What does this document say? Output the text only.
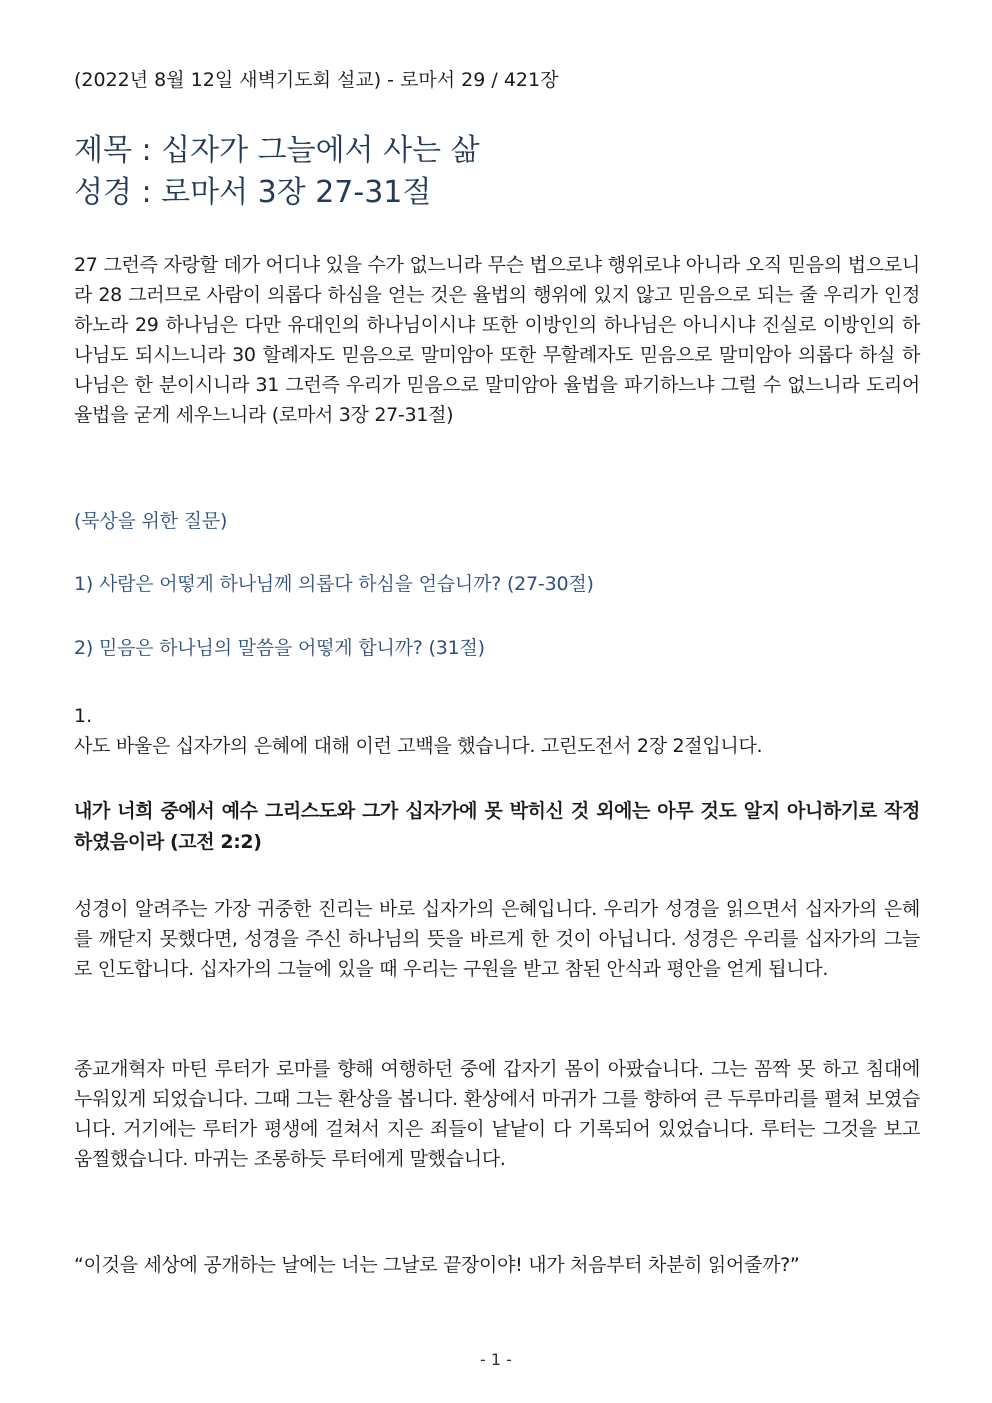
(2022년 8월 12일 새벽기도회 설교) - 로마서 29 / 421장
제목 : 십자가 그늘에서 사는 삶
성경 : 로마서 3장 27-31절
27 그런즉 자랑할 데가 어디냐 있을 수가 없느니라 무슨 법으로냐 행위로냐 아니라 오직 믿음의 법으로니라 28 그러므로 사람이 의롭다 하심을 얻는 것은 율법의 행위에 있지 않고 믿음으로 되는 줄 우리가 인정하노라 29 하나님은 다만 유대인의 하나님이시냐 또한 이방인의 하나님은 아니시냐 진실로 이방인의 하나님도 되시느니라 30 할례자도 믿음으로 말미암아 또한 무할례자도 믿음으로 말미암아 의롭다 하실 하나님은 한 분이시니라 31 그런즉 우리가 믿음으로 말미암아 율법을 파기하느냐 그럴 수 없느니라 도리어 율법을 굳게 세우느니라 (로마서 3장 27-31절)
(묵상을 위한 질문)
1) 사람은 어떻게 하나님께 의롭다 하심을 얻습니까? (27-30절)
2) 믿음은 하나님의 말씀을 어떻게 합니까? (31절)
1.
사도 바울은 십자가의 은혜에 대해 이런 고백을 했습니다. 고린도전서 2장 2절입니다.
내가 너희 중에서 예수 그리스도와 그가 십자가에 못 박히신 것 외에는 아무 것도 알지 아니하기로 작정하였음이라 (고전 2:2)
성경이 알려주는 가장 귀중한 진리는 바로 십자가의 은혜입니다. 우리가 성경을 읽으면서 십자가의 은혜를 깨닫지 못했다면, 성경을 주신 하나님의 뜻을 바르게 한 것이 아닙니다. 성경은 우리를 십자가의 그늘로 인도합니다. 십자가의 그늘에 있을 때 우리는 구원을 받고 참된 안식과 평안을 얻게 됩니다.
종교개혁자 마틴 루터가 로마를 향해 여행하던 중에 갑자기 몸이 아팠습니다. 그는 꼼짝 못 하고 침대에 누워있게 되었습니다. 그때 그는 환상을 봅니다. 환상에서 마귀가 그를 향하여 큰 두루마리를 펼쳐 보였습니다. 거기에는 루터가 평생에 걸쳐서 지은 죄들이 낱낱이 다 기록되어 있었습니다. 루터는 그것을 보고 움찔했습니다. 마귀는 조롱하듯 루터에게 말했습니다.
“이것을 세상에 공개하는 날에는 너는 그날로 끝장이야! 내가 처음부터 차분히 읽어줄까?”
- 1 -
